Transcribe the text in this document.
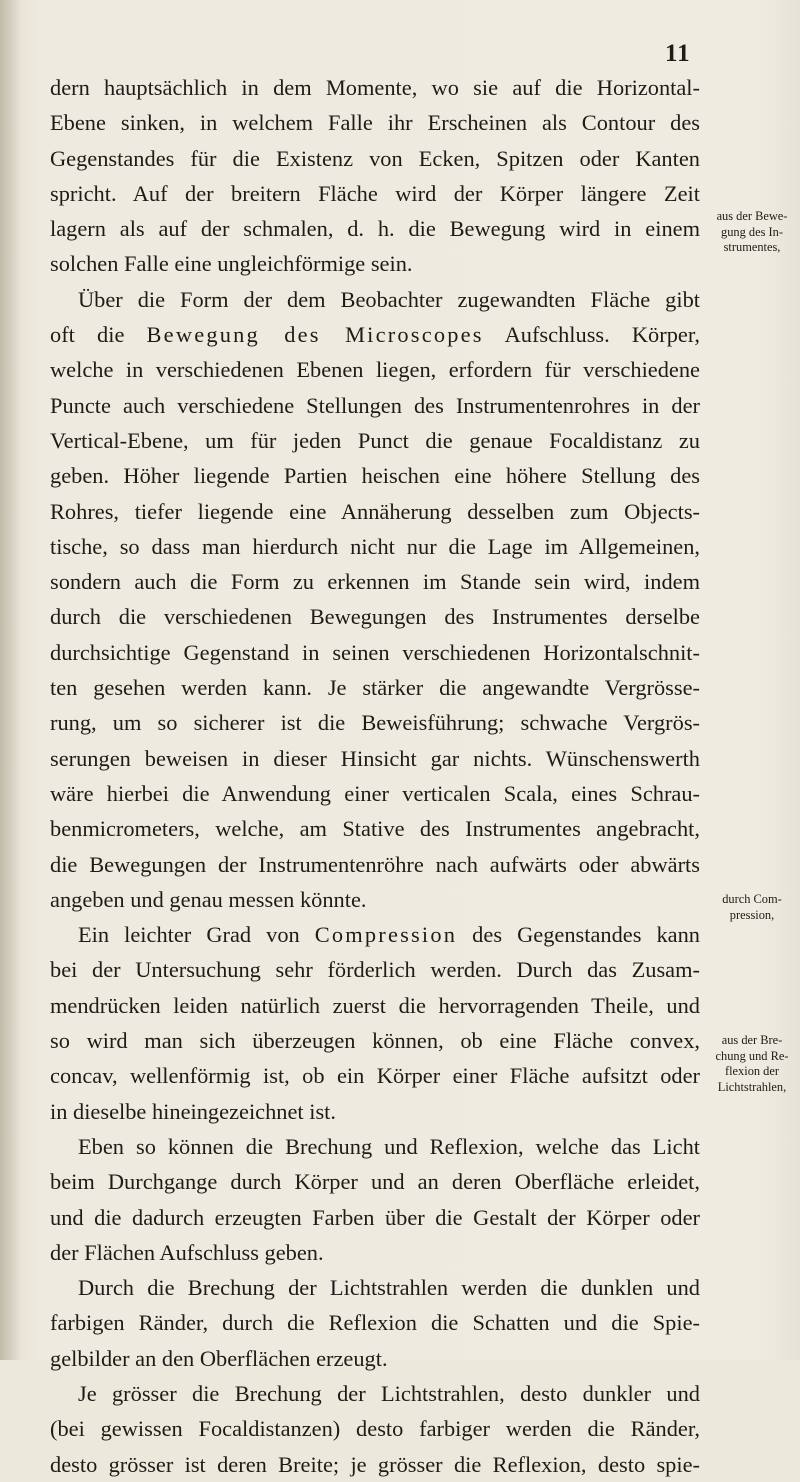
11
dern hauptsächlich in dem Momente, wo sie auf die Horizontal-
Ebene sinken, in welchem Falle ihr Erscheinen als Contour des
Gegenstandes für die Existenz von Ecken, Spitzen oder Kanten
spricht. Auf der breitern Fläche wird der Körper längere Zeit
lagern als auf der schmalen, d. h. die Bewegung wird in einem
solchen Falle eine ungleichförmige sein.
Über die Form der dem Beobachter zugewandten Fläche gibt
oft die Bewegung des Microscopes Aufschluss. Körper,
welche in verschiedenen Ebenen liegen, erfordern für verschiedene
Puncte auch verschiedene Stellungen des Instrumentenrohres in der
Vertical-Ebene, um für jeden Punct die genaue Focaldistanz zu
geben. Höher liegende Partien heischen eine höhere Stellung des
Rohres, tiefer liegende eine Annäherung desselben zum Objects-
tische, so dass man hierdurch nicht nur die Lage im Allgemeinen,
sondern auch die Form zu erkennen im Stande sein wird, indem
durch die verschiedenen Bewegungen des Instrumentes derselbe
durchsichtige Gegenstand in seinen verschiedenen Horizontalschnit-
ten gesehen werden kann. Je stärker die angewandte Vergrösse-
rung, um so sicherer ist die Beweisführung; schwache Vergrös-
serungen beweisen in dieser Hinsicht gar nichts. Wünschenswerth
wäre hierbei die Anwendung einer verticalen Scala, eines Schrau-
benmicrometers, welche, am Stative des Instrumentes angebracht,
die Bewegungen der Instrumentenröhre nach aufwärts oder abwärts
angeben und genau messen könnte.
Ein leichter Grad von Compression des Gegenstandes kann
bei der Untersuchung sehr förderlich werden. Durch das Zusam-
mendrücken leiden natürlich zuerst die hervorragenden Theile, und
so wird man sich überzeugen können, ob eine Fläche convex,
concav, wellenförmig ist, ob ein Körper einer Fläche aufsitzt oder
in dieselbe hineingezeichnet ist.
Eben so können die Brechung und Reflexion, welche das Licht
beim Durchgange durch Körper und an deren Oberfläche erleidet,
und die dadurch erzeugten Farben über die Gestalt der Körper oder
der Flächen Aufschluss geben.
Durch die Brechung der Lichtstrahlen werden die dunklen und
farbigen Ränder, durch die Reflexion die Schatten und die Spie-
gelbilder an den Oberflächen erzeugt.
Je grösser die Brechung der Lichtstrahlen, desto dunkler und
(bei gewissen Focaldistanzen) desto farbiger werden die Ränder,
desto grösser ist deren Breite; je grösser die Reflexion, desto spie-
aus der Bewe-
gung des In-
strumentes,
durch Com-
pression,
aus der Bre-
chung und Re-
flexion der
Lichtstrahlen,
